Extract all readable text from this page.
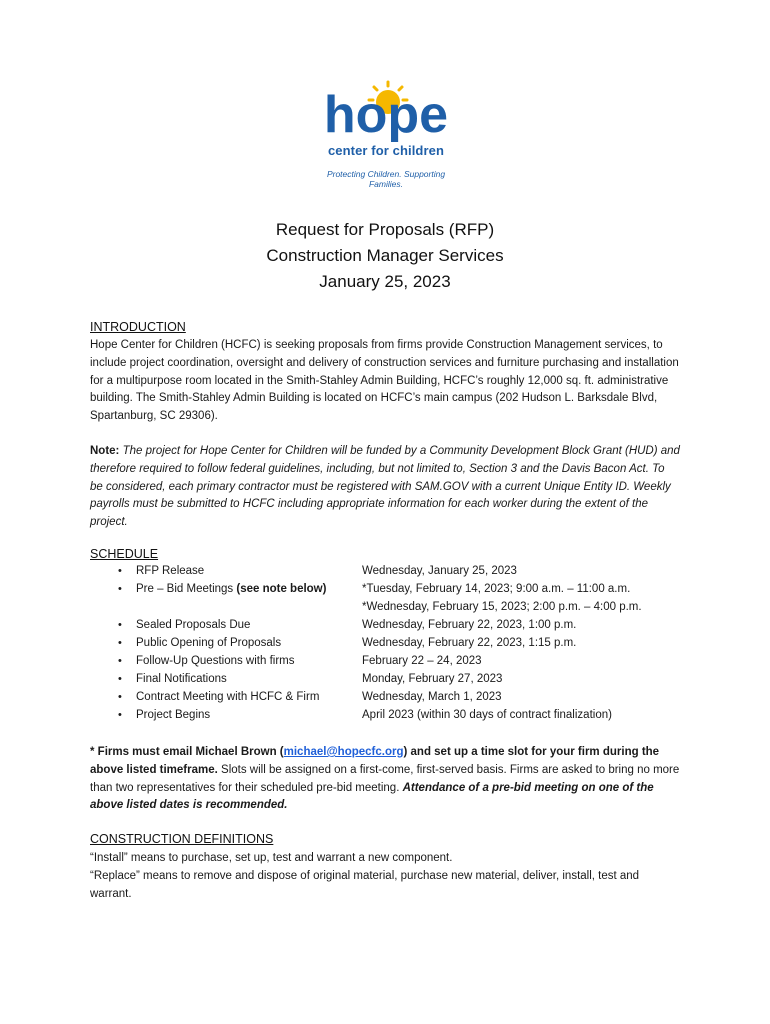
hope
center for children
Protecting Children. Supporting Families.
Request for Proposals (RFP)
Construction Manager Services
January 25, 2023
INTRODUCTION
Hope Center for Children (HCFC) is seeking proposals from firms provide Construction Management services, to include project coordination, oversight and delivery of construction services and furniture purchasing and installation for a multipurpose room located in the Smith-Stahley Admin Building, HCFC’s roughly 12,000 sq. ft. administrative building. The Smith-Stahley Admin Building is located on HCFC’s main campus (202 Hudson L. Barksdale Blvd, Spartanburg, SC 29306).
Note: The project for Hope Center for Children will be funded by a Community Development Block Grant (HUD) and therefore required to follow federal guidelines, including, but not limited to, Section 3 and the Davis Bacon Act. To be considered, each primary contractor must be registered with SAM.GOV with a current Unique Entity ID. Weekly payrolls must be submitted to HCFC including appropriate information for each worker during the extent of the project.
SCHEDULE
• RFP Release	Wednesday, January 25, 2023
• Pre – Bid Meetings (see note below)	*Tuesday, February 14, 2023; 9:00 a.m. – 11:00 a.m.
*Wednesday, February 15, 2023; 2:00 p.m. – 4:00 p.m.
• Sealed Proposals Due	Wednesday, February 22, 2023, 1:00 p.m.
• Public Opening of Proposals	Wednesday, February 22, 2023, 1:15 p.m.
• Follow-Up Questions with firms	February 22 – 24, 2023
• Final Notifications	Monday, February 27, 2023
• Contract Meeting with HCFC & Firm	Wednesday, March 1, 2023
• Project Begins	April 2023 (within 30 days of contract finalization)
* Firms must email Michael Brown (michael@hopecfc.org) and set up a time slot for your firm during the above listed timeframe. Slots will be assigned on a first-come, first-served basis. Firms are asked to bring no more than two representatives for their scheduled pre-bid meeting. Attendance of a pre-bid meeting on one of the above listed dates is recommended.
CONSTRUCTION DEFINITIONS
“Install” means to purchase, set up, test and warrant a new component.
“Replace” means to remove and dispose of original material, purchase new material, deliver, install, test and warrant.
